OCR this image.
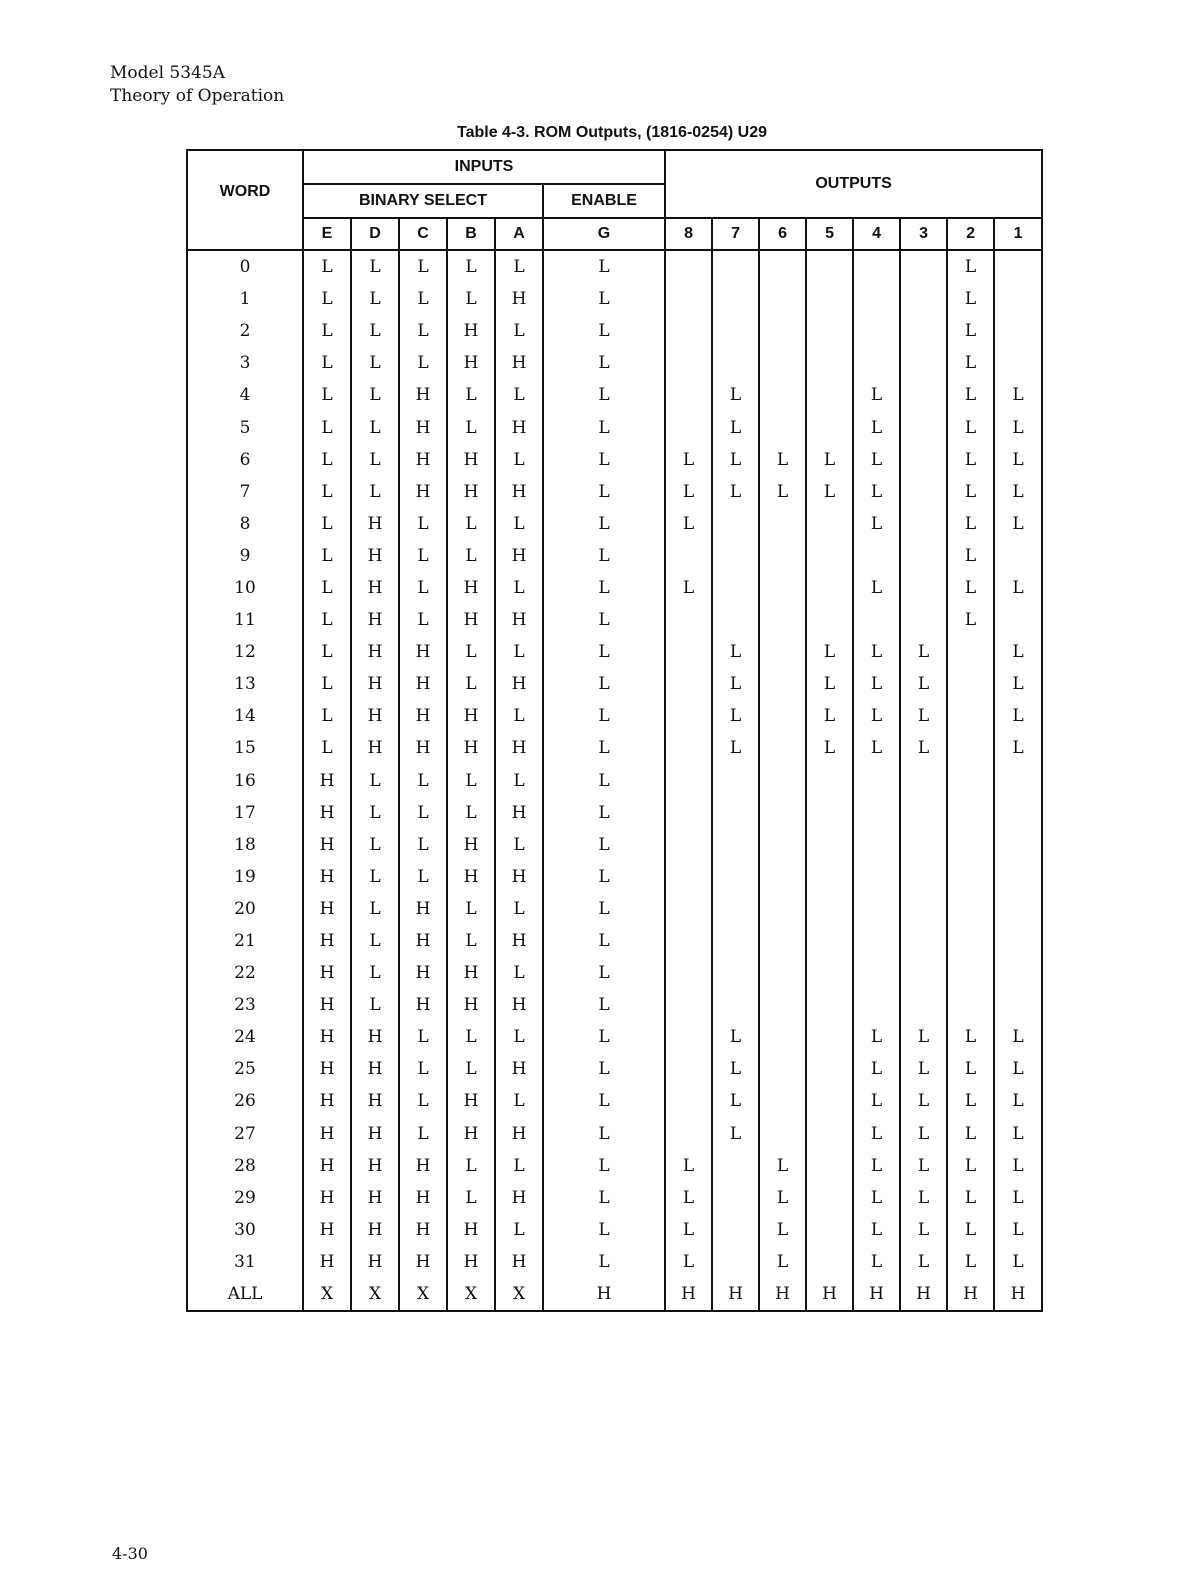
Model 5345A
Theory of Operation
Table 4-3. ROM Outputs, (1816-0254) U29
WORD	INPUTS						OUTPUTS							
	BINARY SELECT					ENABLE								
	E	D	C	B	A	G	8	7	6	5	4	3	2	1
0	L	L	L	L	L	L							L	
1	L	L	L	L	H	L							L	
2	L	L	L	H	L	L							L	
3	L	L	L	H	H	L							L	
4	L	L	H	L	L	L		L			L		L	L
5	L	L	H	L	H	L		L			L		L	L
6	L	L	H	H	L	L	L	L	L	L	L		L	L
7	L	L	H	H	H	L	L	L	L	L	L		L	L
8	L	H	L	L	L	L	L				L		L	L
9	L	H	L	L	H	L							L	
10	L	H	L	H	L	L	L				L		L	L
11	L	H	L	H	H	L							L	
12	L	H	H	L	L	L		L		L	L	L		L
13	L	H	H	L	H	L		L		L	L	L		L
14	L	H	H	H	L	L		L		L	L	L		L
15	L	H	H	H	H	L		L		L	L	L		L
16	H	L	L	L	L	L								
17	H	L	L	L	H	L								
18	H	L	L	H	L	L								
19	H	L	L	H	H	L								
20	H	L	H	L	L	L								
21	H	L	H	L	H	L								
22	H	L	H	H	L	L								
23	H	L	H	H	H	L								
24	H	H	L	L	L	L		L			L	L	L	L
25	H	H	L	L	H	L		L			L	L	L	L
26	H	H	L	H	L	L		L			L	L	L	L
27	H	H	L	H	H	L		L			L	L	L	L
28	H	H	H	L	L	L	L		L		L	L	L	L
29	H	H	H	L	H	L	L		L		L	L	L	L
30	H	H	H	H	L	L	L		L		L	L	L	L
31	H	H	H	H	H	L	L		L		L	L	L	L
ALL	X	X	X	X	X	H	H	H	H	H	H	H	H	H
4-30
